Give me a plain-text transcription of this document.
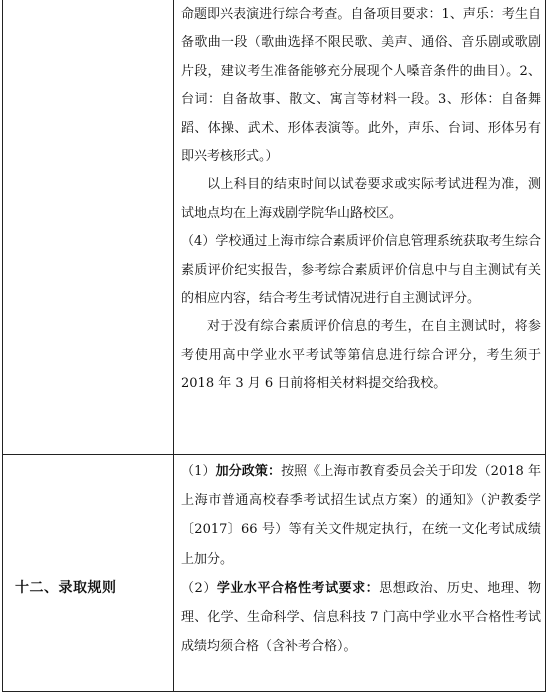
命题即兴表演进行综合考查。自备项目要求：1、声乐：考生自备歌曲一段（歌曲选择不限民歌、美声、通俗、音乐剧或歌剧片段，建议考生准备能够充分展现个人嗓音条件的曲目）。2、台词：自备故事、散文、寓言等材料一段。3、形体：自备舞蹈、体操、武术、形体表演等。此外，声乐、台词、形体另有即兴考核形式。）

以上科目的结束时间以试卷要求或实际考试进程为准，测试地点均在上海戏剧学院华山路校区。

（4）学校通过上海市综合素质评价信息管理系统获取考生综合素质评价纪实报告，参考综合素质评价信息中与自主测试有关的相应内容，结合考生考试情况进行自主测试评分。

对于没有综合素质评价信息的考生，在自主测试时，将参考使用高中学业水平考试等第信息进行综合评分，考生须于 2018 年 3 月 6 日前将相关材料提交给我校。

十二、录取规则

（1）加分政策：按照《上海市教育委员会关于印发（2018 年上海市普通高校春季考试招生试点方案）的通知》（沪教委学〔2017〕66 号）等有关文件规定执行，在统一文化考试成绩上加分。

（2）学业水平合格性考试要求：思想政治、历史、地理、物理、化学、生命科学、信息科技 7 门高中学业水平合格性考试成绩均须合格（含补考合格）。
